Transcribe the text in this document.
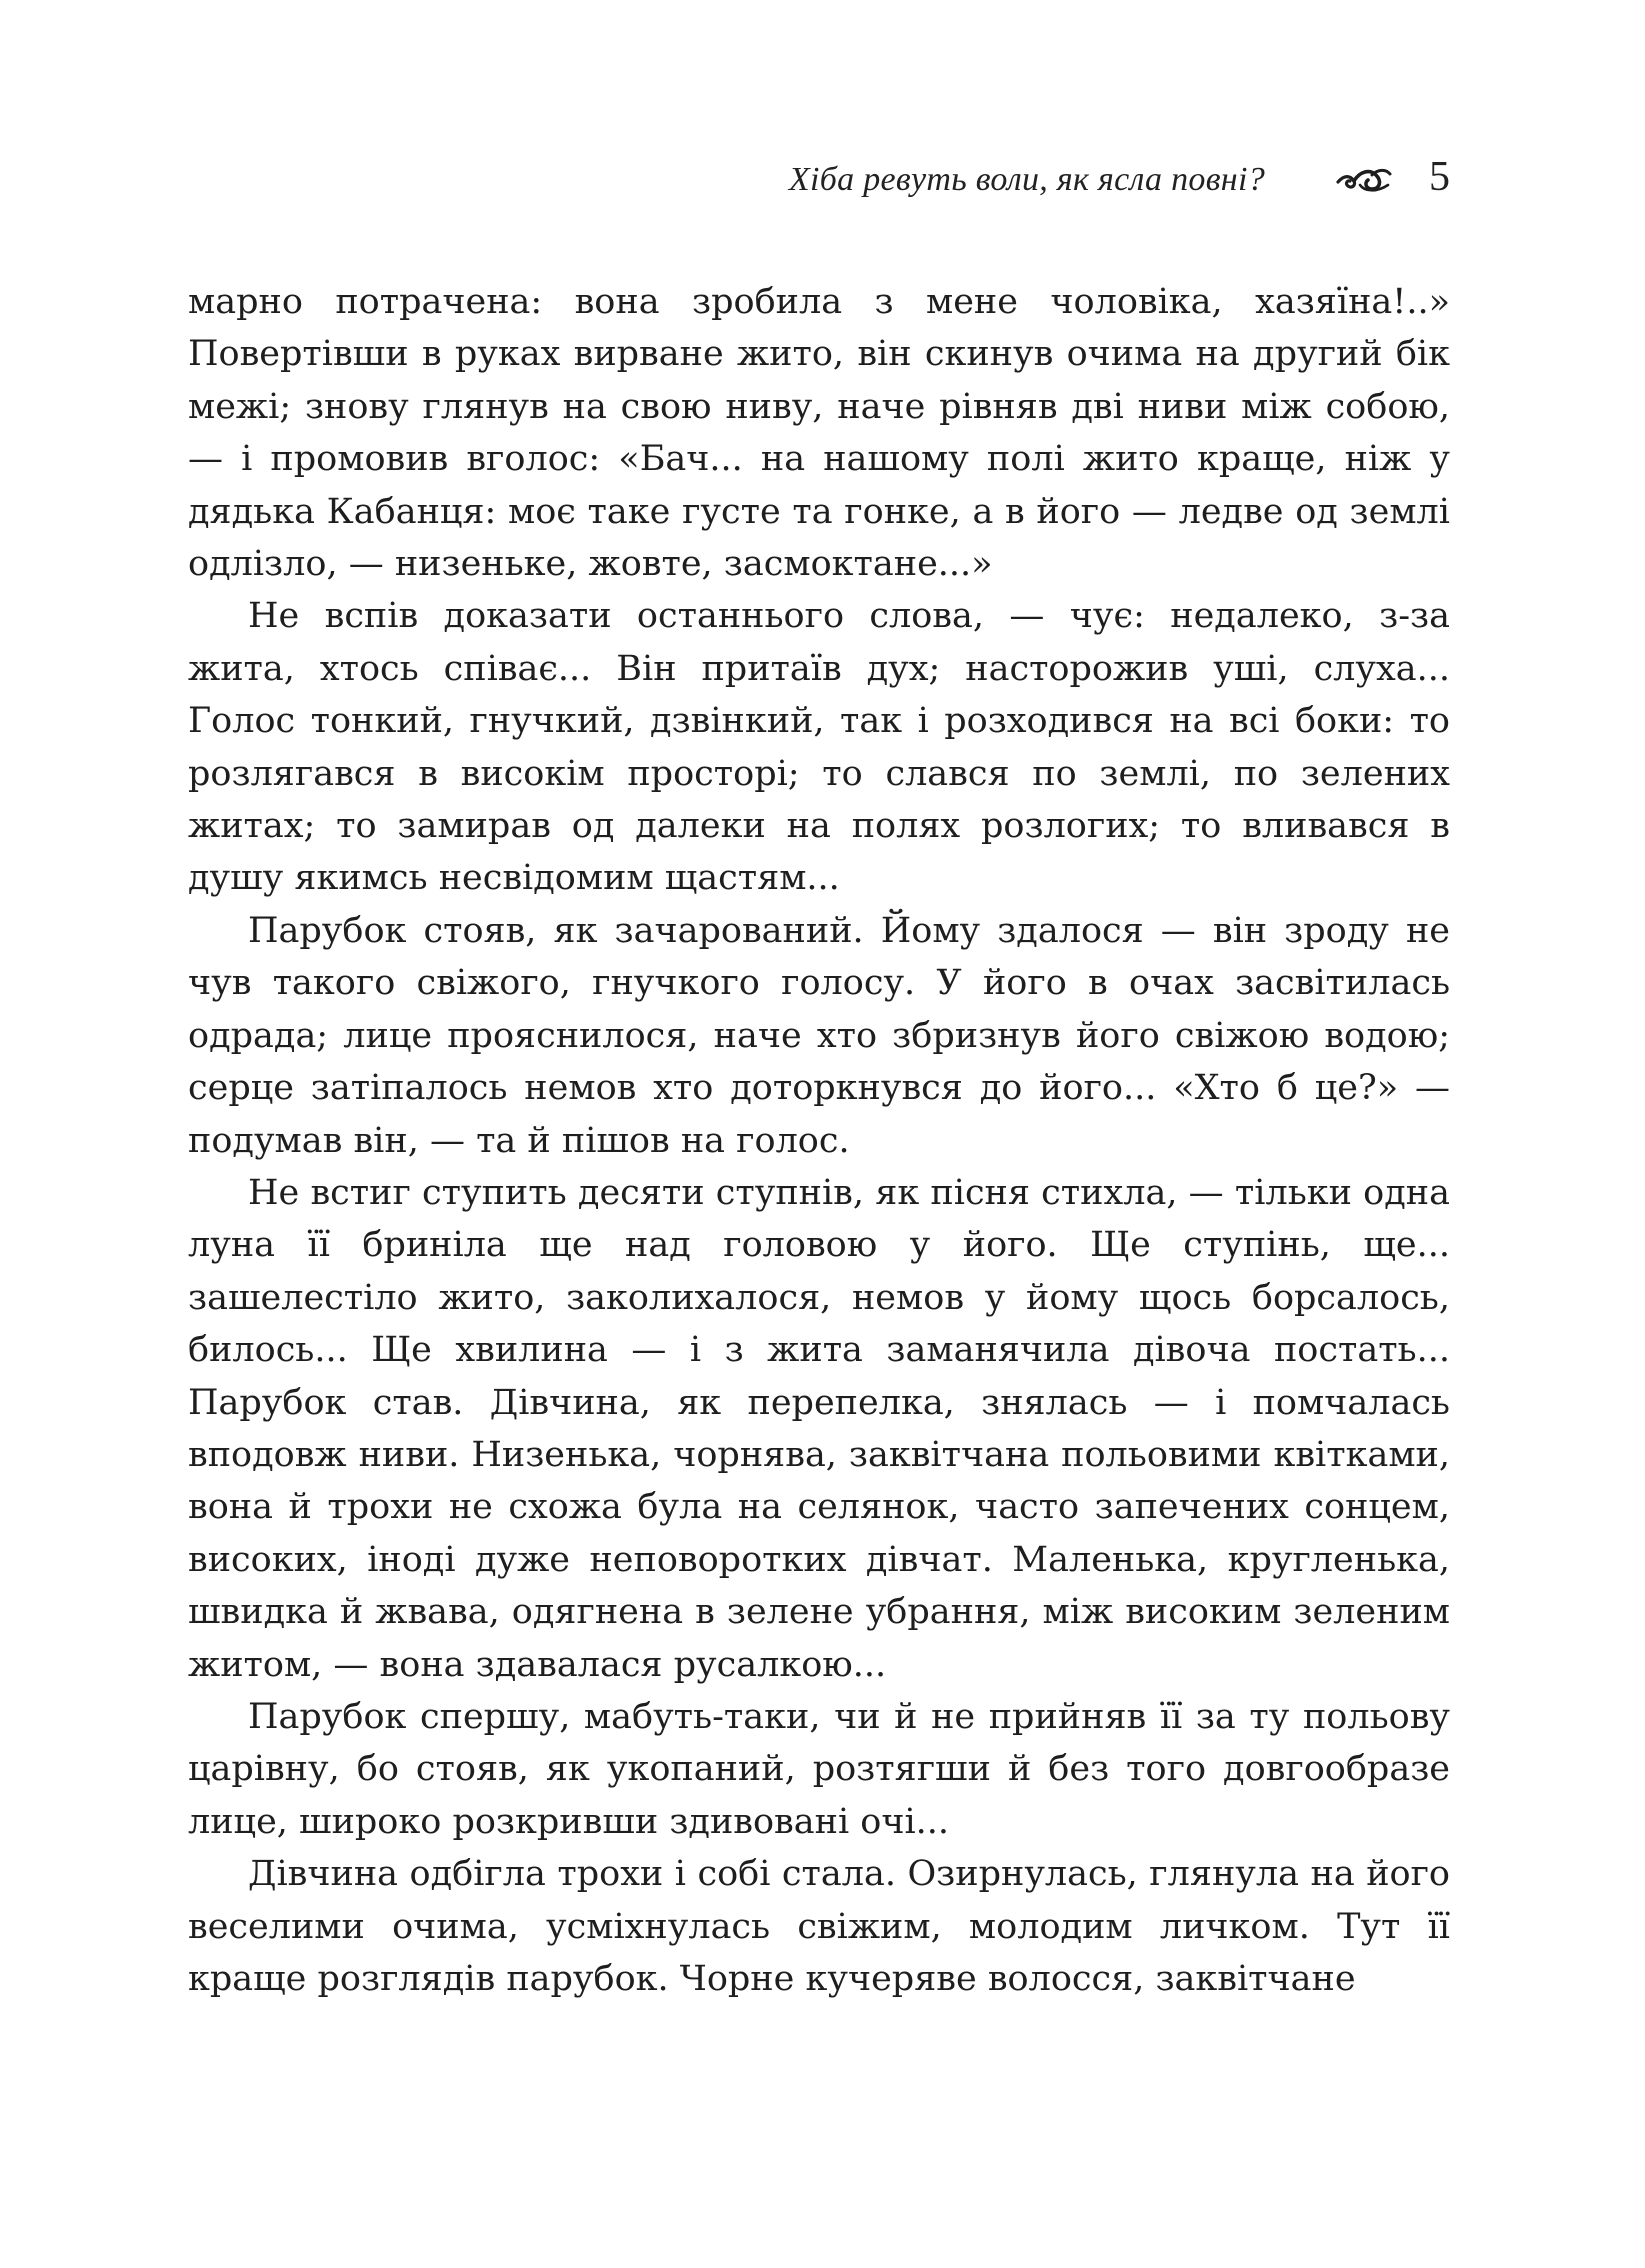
Хіба ревуть воли, як ясла повні?	5

марно потрачена: вона зробила з мене чоловіка, хазяїна!..» Повертівши в руках вирване жито, він скинув очима на другий бік межі; знову глянув на свою ниву, наче рівняв дві ниви між собою, — і промовив вголос: «Бач... на нашому полі жито краще, ніж у дядька Кабанця: моє таке густе та гонке, а в його — ледве од землі одлізло, — низеньке, жовте, засмоктане...»

Не вспів доказати останнього слова, — чує: недалеко, з-за жита, хтось співає... Він притаїв дух; насторожив уші, слуха... Голос тонкий, гнучкий, дзвінкий, так і розходився на всі боки: то розлягався в високім просторі; то слався по землі, по зелених житах; то замирав од далеки на полях розлогих; то вливався в душу якимсь несвідомим щастям...

Парубок стояв, як зачарований. Йому здалося — він зроду не чув такого свіжого, гнучкого голосу. У його в очах засвітилась одрада; лице прояснилося, наче хто збризнув його свіжою водою; серце затіпалось немов хто доторкнувся до його... «Хто б це?» — подумав він, — та й пішов на голос.

Не встиг ступить десяти ступнів, як пісня стихла, — тільки одна луна її бриніла ще над головою у його. Ще ступінь, ще... зашелестіло жито, заколихалося, немов у йому щось борсалось, билось... Ще хвилина — і з жита заманячила дівоча постать... Парубок став. Дівчина, як перепелка, знялась — і помчалась вподовж ниви. Низенька, чорнява, заквітчана польовими квітками, вона й трохи не схожа була на селянок, часто запечених сонцем, високих, іноді дуже неповоротких дівчат. Маленька, кругленька, швидка й жвава, одягнена в зелене убрання, між високим зеленим житом, — вона здавалася русалкою...

Парубок спершу, мабуть-таки, чи й не прийняв її за ту польову царівну, бо стояв, як укопаний, розтягши й без того довгообразе лице, широко розкривши здивовані очі...

Дівчина одбігла трохи і собі стала. Озирнулась, глянула на його веселими очима, усміхнулась свіжим, молодим личком. Тут її краще розглядів парубок. Чорне кучеряве волосся, заквітчане
